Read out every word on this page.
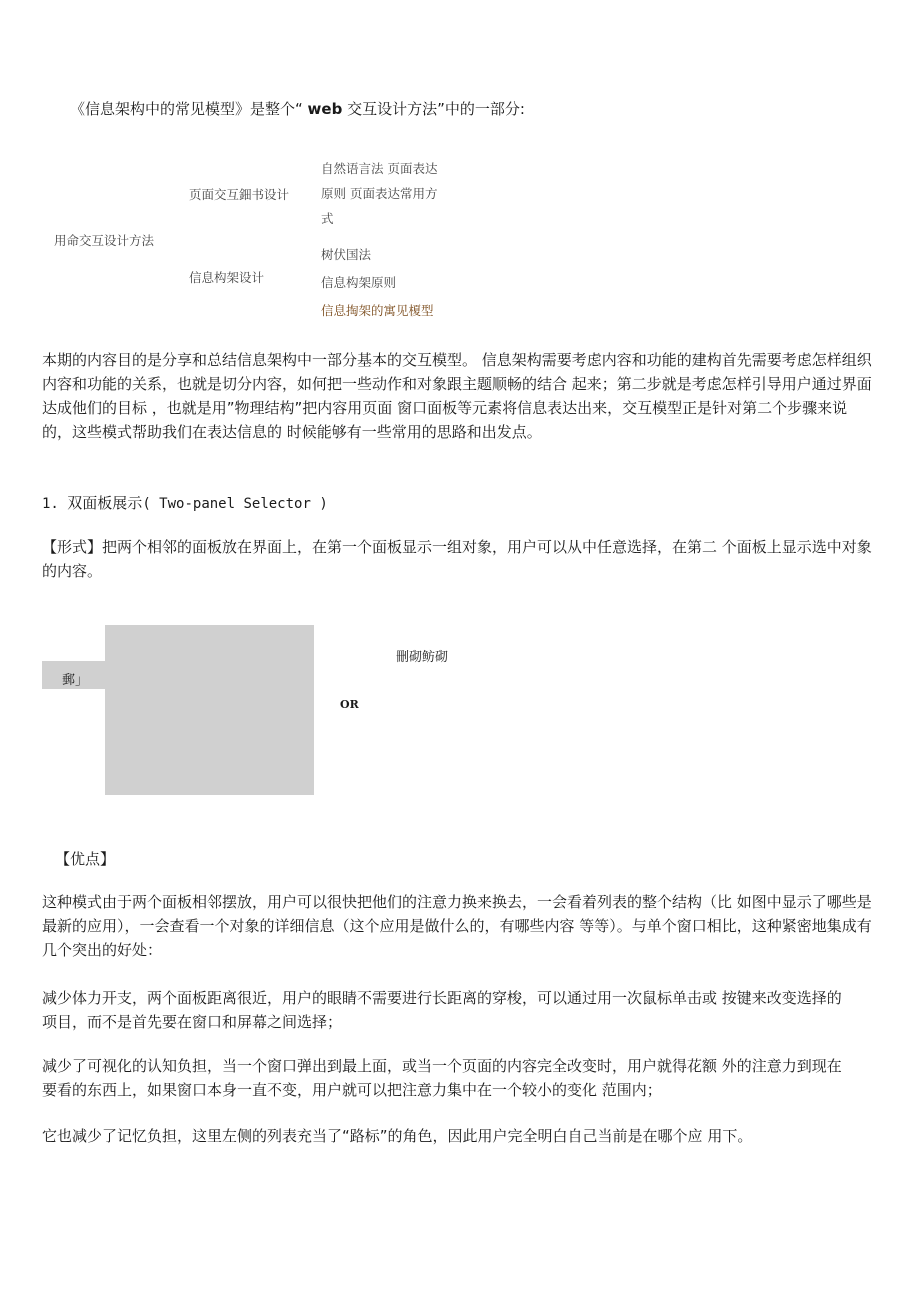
《信息架构中的常见模型》是整个“ web 交互设计方法”中的一部分:
用命交互设计方法
页面交互鈿书设计
信息构架设计
自然语言法 页面表达原则 页面表达常用方式
树伏国法
信息构架原则
信息掏架的寓见榎型
本期的内容目的是分享和总结信息架构中一部分基本的交互模型。 信息架构需要考虑内容和功能的建构首先需要考虑怎样组织内容和功能的关系，也就是切分内容，如何把一些动作和对象跟主题顺畅的结合 起来；第二步就是考虑怎样引导用户通过界面达成他们的目标 ，也就是用”物理结构”把内容用页面 窗口面板等元素将信息表达出来，交互模型正是针对第二个步骤来说的，这些模式帮助我们在表达信息的 时候能够有一些常用的思路和出发点。
1. 双面板展示( Two-panel Selector )
【形式】把两个相邻的面板放在界面上，在第一个面板显示一组对象，用户可以从中任意选择，在第二 个面板上显示选中对象的内容。
郵」
刪砌鲂砌
OR
【优点】
这种模式由于两个面板相邻摆放，用户可以很快把他们的注意力换来换去，一会看着列表的整个结构（比 如图中显示了哪些是最新的应用），一会查看一个对象的详细信息（这个应用是做什么的，有哪些内容 等等）。与单个窗口相比，这种紧密地集成有几个突出的好处：
减少体力开支，两个面板距离很近，用户的眼睛不需要进行长距离的穿梭，可以通过用一次鼠标单击或 按键来改变选择的项目，而不是首先要在窗口和屏幕之间选择；
减少了可视化的认知负担，当一个窗口弹出到最上面，或当一个页面的内容完全改变时，用户就得花额 外的注意力到现在要看的东西上，如果窗口本身一直不变，用户就可以把注意力集中在一个较小的变化 范围内；
它也减少了记忆负担，这里左侧的列表充当了“路标”的角色，因此用户完全明白自己当前是在哪个应 用下。
